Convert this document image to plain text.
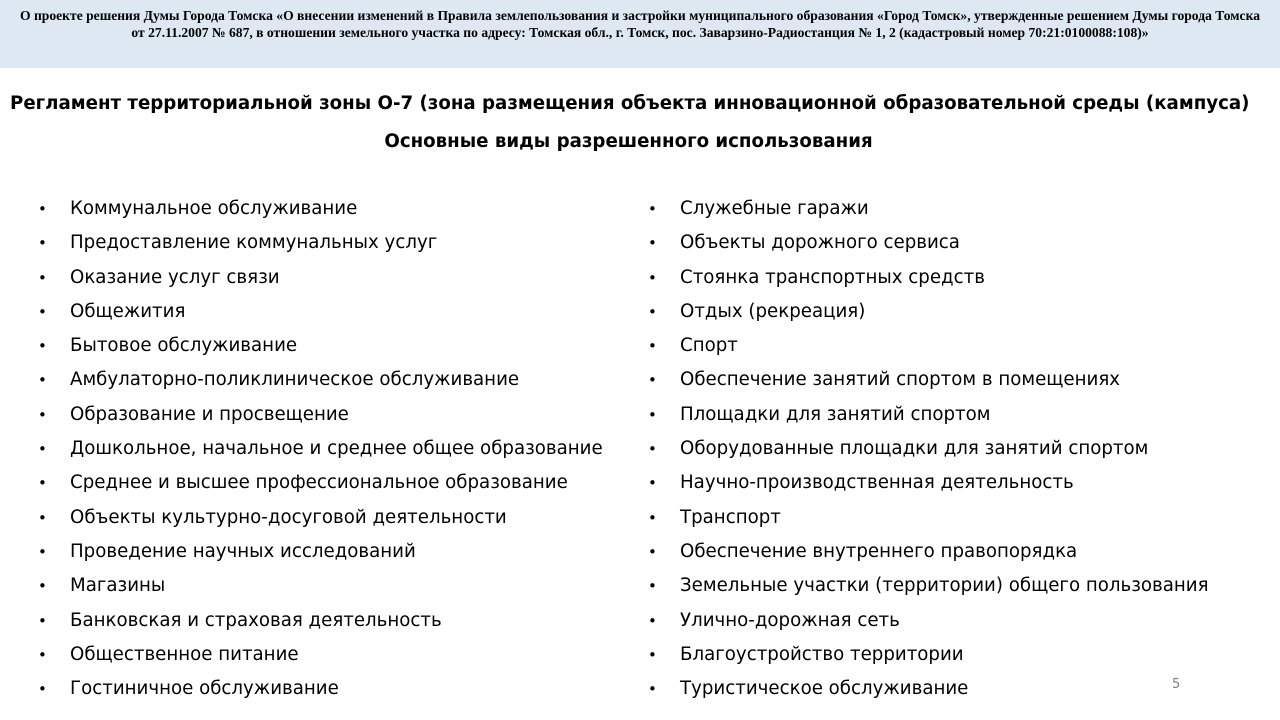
О проекте решения Думы Города Томска «О внесении изменений в Правила землепользования и застройки муниципального образования «Город Томск», утвержденные решением Думы города Томска от 27.11.2007 № 687, в отношении земельного участка по адресу: Томская обл., г. Томск, пос. Заварзино-Радиостанция № 1, 2 (кадастровый номер 70:21:0100088:108)»
Регламент территориальной зоны О-7 (зона размещения объекта инновационной образовательной среды (кампуса)
Основные виды разрешенного использования
• Коммунальное обслуживание
• Предоставление коммунальных услуг
• Оказание услуг связи
• Общежития
• Бытовое обслуживание
• Амбулаторно-поликлиническое обслуживание
• Образование и просвещение
• Дошкольное, начальное и среднее общее образование
• Среднее и высшее профессиональное образование
• Объекты культурно-досуговой деятельности
• Проведение научных исследований
• Магазины
• Банковская и страховая деятельность
• Общественное питание
• Гостиничное обслуживание
• Служебные гаражи
• Объекты дорожного сервиса
• Стоянка транспортных средств
• Отдых (рекреация)
• Спорт
• Обеспечение занятий спортом в помещениях
• Площадки для занятий спортом
• Оборудованные площадки для занятий спортом
• Научно-производственная деятельность
• Транспорт
• Обеспечение внутреннего правопорядка
• Земельные участки (территории) общего пользования
• Улично-дорожная сеть
• Благоустройство территории
• Туристическое обслуживание	5
